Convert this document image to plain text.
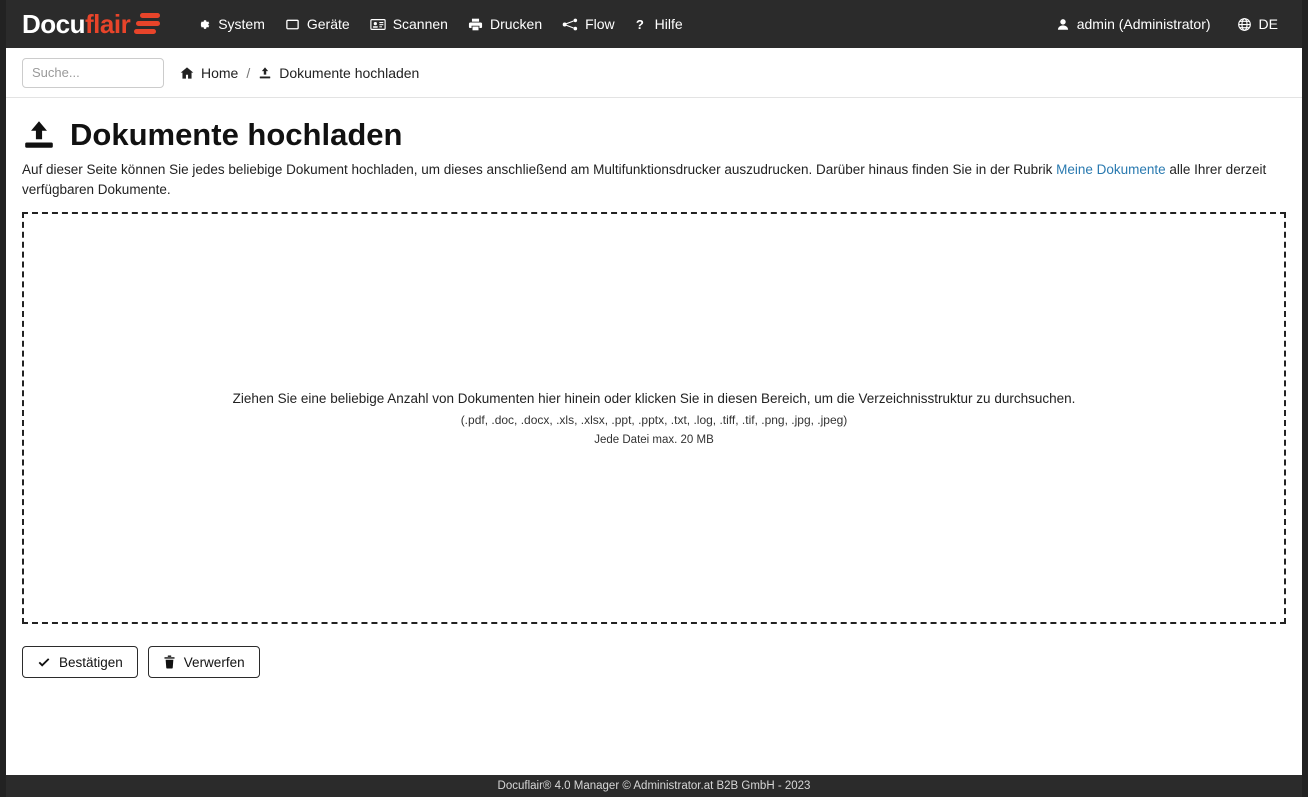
Docu flair	System	Geräte	Scannen	Drucken	Flow ? Hilfe	admin (Administrator)	DE
Suche...
Home / Dokumente hochladen
Dokumente hochladen
Auf dieser Seite können Sie jedes beliebige Dokument hochladen, um dieses anschließend am Multifunktionsdrucker auszudrucken. Darüber hinaus finden Sie in der Rubrik Meine Dokumente alle Ihrer derzeit verfügbaren Dokumente.
Ziehen Sie eine beliebige Anzahl von Dokumenten hier hinein oder klicken Sie in diesen Bereich, um die Verzeichnisstruktur zu durchsuchen.
(.pdf, .doc, .docx, .xls, .xlsx, .ppt, .pptx, .txt, .log, .tiff, .tif, .png, .jpg, .jpeg)
Jede Datei max. 20 MB
Bestätigen	Verwerfen
Docuflair® 4.0 Manager © Administrator.at B2B GmbH - 2023
